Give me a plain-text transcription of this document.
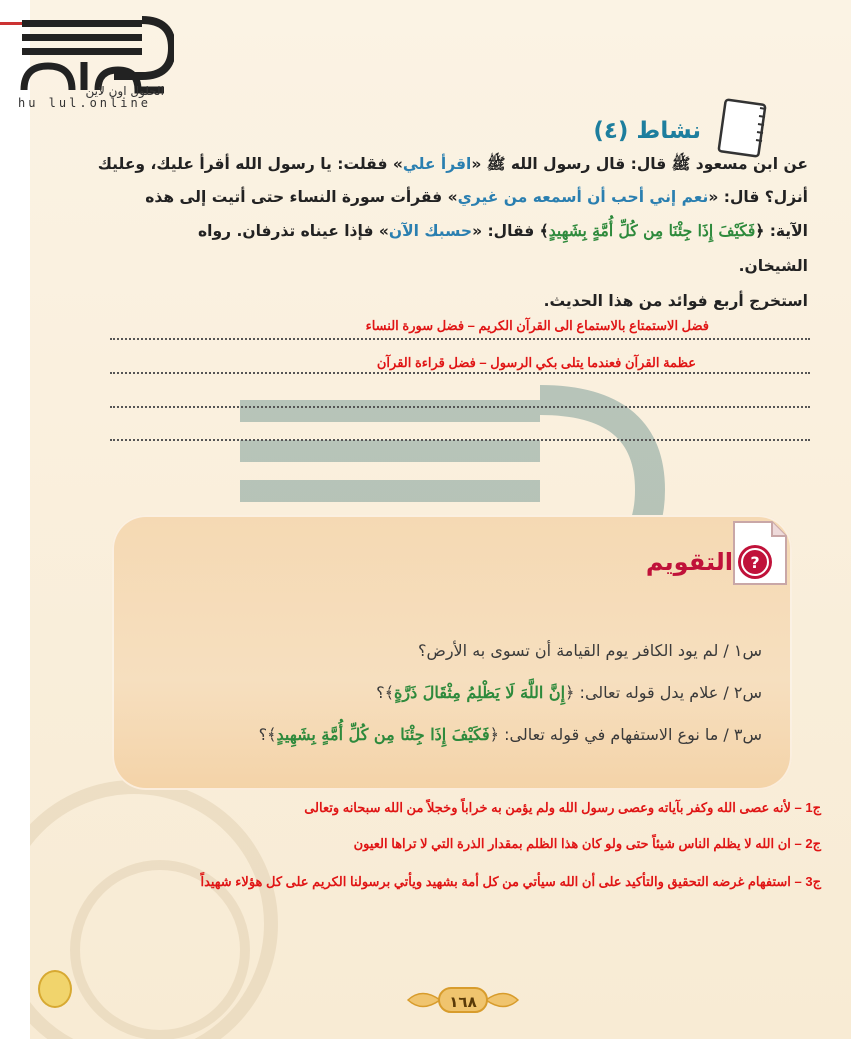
الحلول اون لاين
hu lul.online
نشاط (٤)
عن ابن مسعود ﷺ قال: قال رسول الله ﷺ «اقرأ علي» فقلت: يا رسول الله أقرأ عليك، وعليك
أنزل؟ قال: «نعم إني أحب أن أسمعه من غيري» فقرأت سورة النساء حتى أتيت إلى هذه
الآية: ﴿فَكَيْفَ إِذَا جِئْنَا مِن كُلِّ أُمَّةٍ بِشَهِيدٍ﴾ فقال: «حسبك الآن» فإذا عيناه تذرفان. رواه
الشيخان.
استخرج أربع فوائد من هذا الحديث.
فضل الاستمتاع بالاستماع الى القرآن الكريم – فضل سورة النساء
عظمة القرآن فعندما يتلى بكي الرسول – فضل قراءة القرآن
س١ / لم يود الكافر يوم القيامة أن تسوى به الأرض؟
س٢ / علام يدل قوله تعالى: ﴿إِنَّ اللَّهَ لَا يَظْلِمُ مِثْقَالَ ذَرَّةٍ﴾؟
س٣ / ما نوع الاستفهام في قوله تعالى: ﴿فَكَيْفَ إِذَا جِئْنَا مِن كُلِّ أُمَّةٍ بِشَهِيدٍ﴾؟
?
التقويم
ج1 – لأنه عصى الله وكفر بآياته وعصى رسول الله ولم يؤمن به خراباً وخجلاً من الله سبحانه وتعالى
ج2 – ان الله لا يظلم الناس شيئاً حتى ولو كان هذا الظلم بمقدار الذرة التي لا تراها العيون
ج3 – استفهام غرضه التحقيق والتأكيد على أن الله سيأتي من كل أمة بشهيد ويأتي برسولنا الكريم على كل هؤلاء شهيداً
١٦٨
